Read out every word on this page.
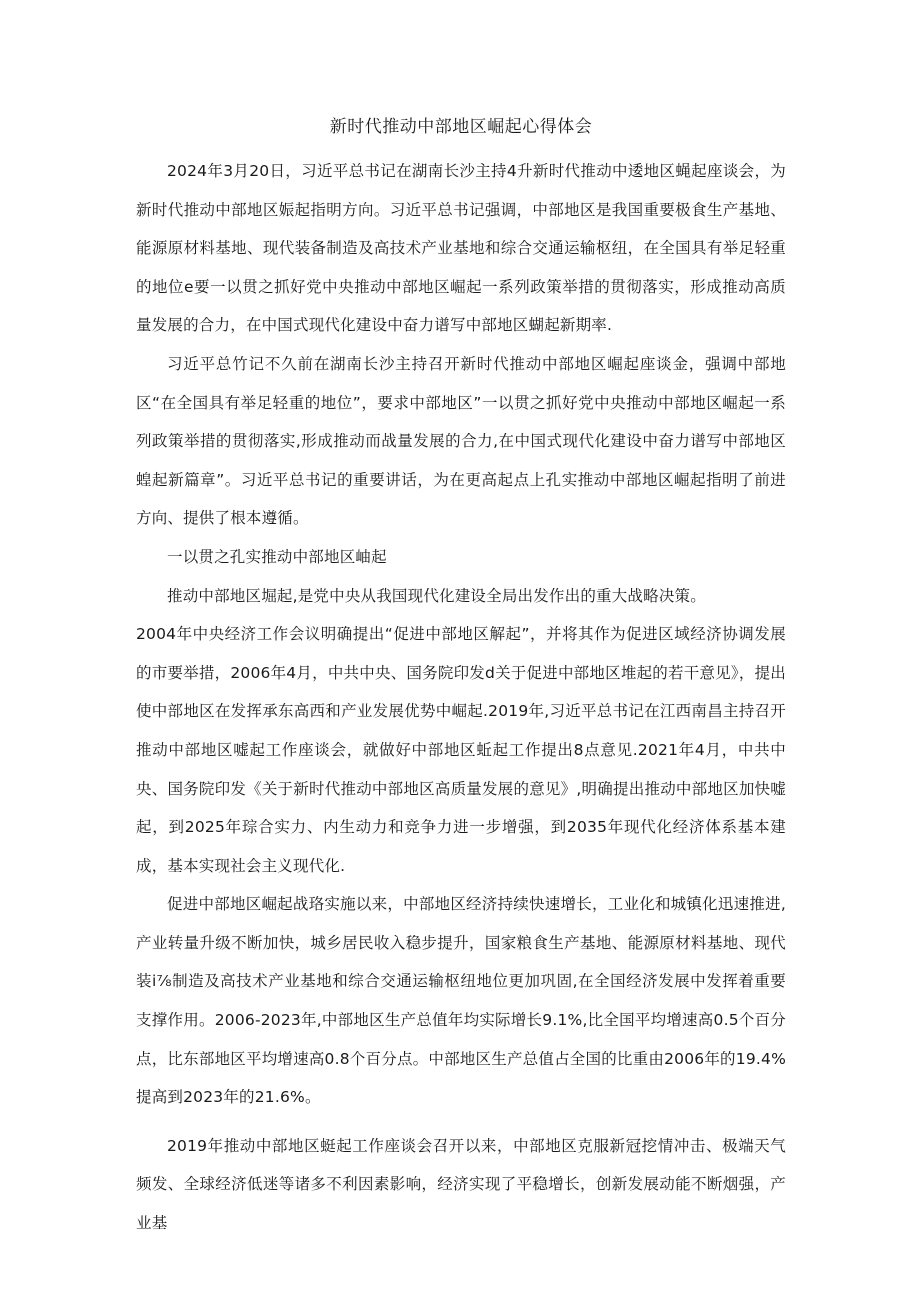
新时代推动中部地区崛起心得体会

2024年3月20日，习近平总书记在湖南长沙主持4升新时代推动中逶地区蝇起座谈会，为新时代推动中部地区娠起指明方向。习近平总书记强调，中部地区是我国重要极食生产基地、能源原材料基地、现代装备制造及高技术产业基地和综合交通运输枢纽，在全国具有举足轻重的地位e要一以贯之抓好党中央推动中部地区崛起一系列政策举措的贯彻落实，形成推动高质量发展的合力，在中国式现代化建设中奋力谱写中部地区蝴起新期率.

习近平总竹记不久前在湖南长沙主持召开新时代推动中部地区崛起座谈金，强调中部地区“在全国具有举足轻重的地位”，要求中部地区”一以贯之抓好党中央推动中部地区崛起一系列政策举措的贯彻落实,形成推动而战量发展的合力,在中国式现代化建设中奋力谱写中部地区蝗起新篇章”。习近平总书记的重要讲话，为在更高起点上孔实推动中部地区崛起指明了前进方向、提供了根本遵循。

一以贯之孔实推动中部地区岫起

推动中部地区堀起,是党中央从我国现代化建设全局出发作出的重大战略决策。

2004年中央经济工作会议明确提出“促进中部地区解起”，并将其作为促进区域经济协调发展的市要举措，2006年4月，中共中央、国务院印发d关于促进中部地区堆起的若干意见》，提出使中部地区在发挥承东高西和产业发展优势中崛起.2019年,习近平总书记在江西南昌主持召开推动中部地区嘘起工作座谈会，就做好中部地区蚯起工作提出8点意见.2021年4月，中共中央、国务院印发《关于新时代推动中部地区高质量发展的意见》,明确提出推动中部地区加快嘘起，到2025年琮合实力、内生动力和竞争力进一步增强，到2035年现代化经济体系基本建成，基本实现社会主义现代化.

促进中部地区崛起战珞实施以来，中部地区经济持续快速增长，工业化和城镇化迅速推进,产业转量升级不断加快，城乡居民收入稳步提升，国家粮食生产基地、能源原材料基地、现代装i⅞制造及高技术产业基地和综合交通运输枢纽地位更加巩固,在全国经济发展中发挥着重要支撑作用。2006-2023年,中部地区生产总值年均实际增长9.1%,比全国平均增速高0.5个百分点，比东部地区平均增速高0.8个百分点。中部地区生产总值占全国的比重由2006年的19.4%提高到2023年的21.6%。

2019年推动中部地区蜓起工作座谈会召开以来，中部地区克服新冠挖情冲击、极端天气频发、全球经济低迷等诸多不利因素影响，经济实现了平稳增长，创新发展动能不断烟强，产业基
